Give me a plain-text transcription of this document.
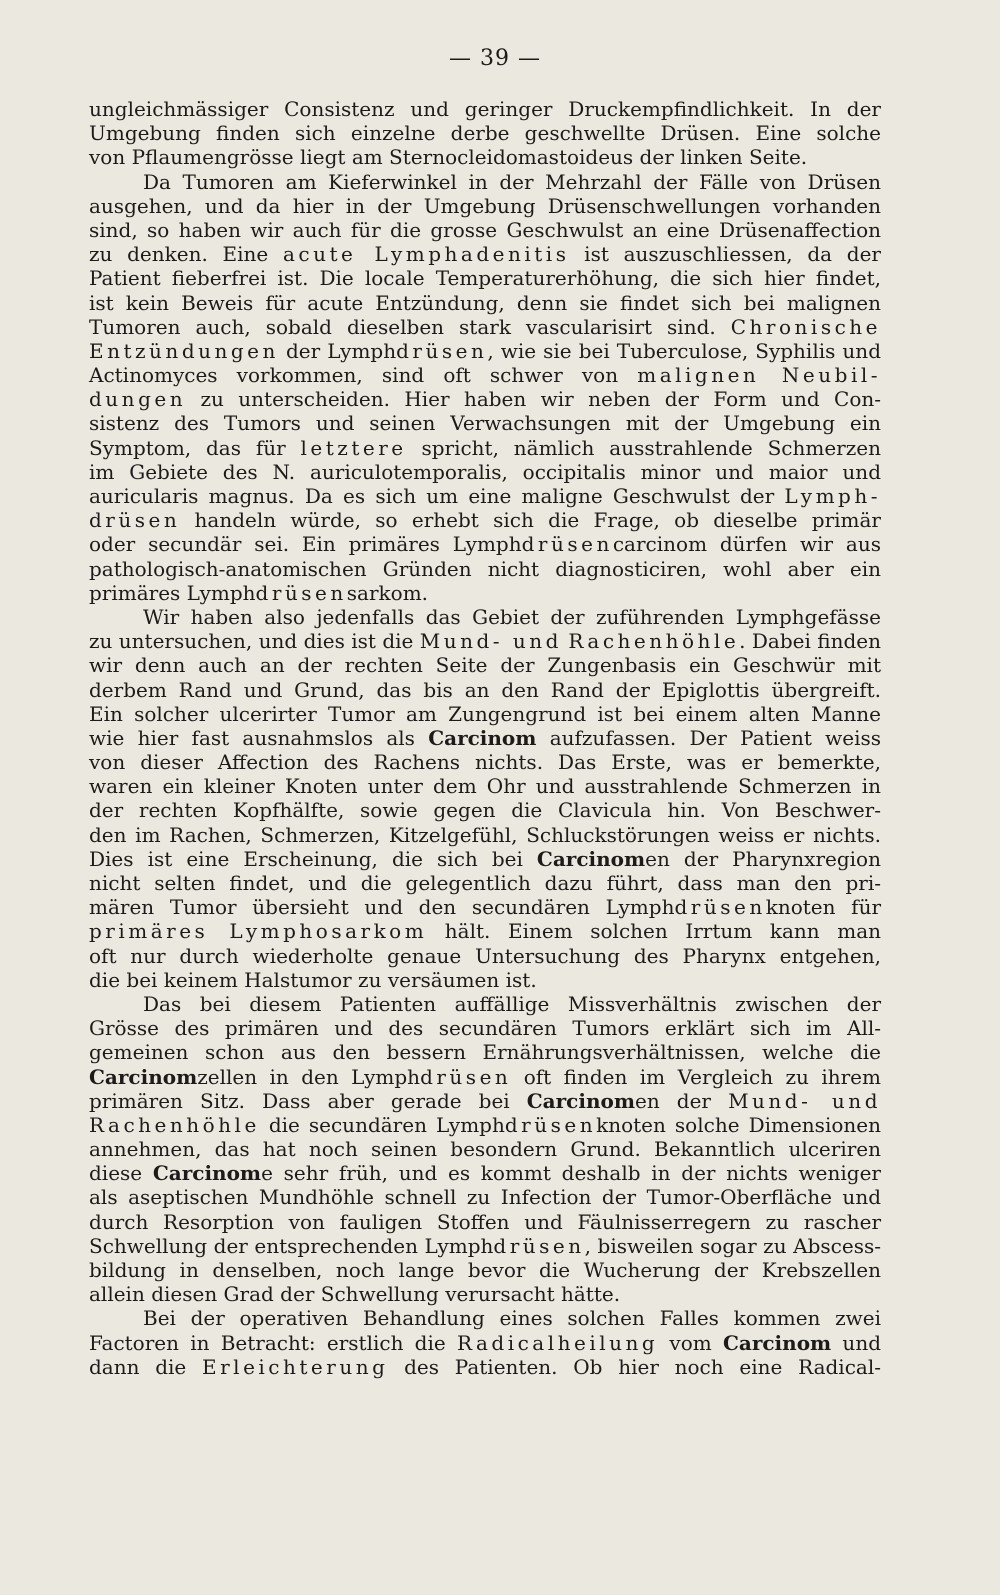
— 39 —
ungleichmässiger Consistenz und geringer Druckempfindlichkeit. In der
Umgebung finden sich einzelne derbe geschwellte Drüsen. Eine solche
von Pflaumengrösse liegt am Sternocleidomastoideus der linken Seite.
Da Tumoren am Kieferwinkel in der Mehrzahl der Fälle von Drüsen
ausgehen, und da hier in der Umgebung Drüsenschwellungen vorhanden
sind, so haben wir auch für die grosse Geschwulst an eine Drüsenaffection
zu denken. Eine acute Lymphadenitis ist auszuschliessen, da der
Patient fieberfrei ist. Die locale Temperaturerhöhung, die sich hier findet,
ist kein Beweis für acute Entzündung, denn sie findet sich bei malignen
Tumoren auch, sobald dieselben stark vascularisirt sind. Chronische
Entzündungen der Lymphdrüsen, wie sie bei Tuberculose, Syphilis und
Actinomyces vorkommen, sind oft schwer von malignen Neubil-
dungen zu unterscheiden. Hier haben wir neben der Form und Con-
sistenz des Tumors und seinen Verwachsungen mit der Umgebung ein
Symptom, das für letztere spricht, nämlich ausstrahlende Schmerzen
im Gebiete des N. auriculotemporalis, occipitalis minor und maior und
auricularis magnus. Da es sich um eine maligne Geschwulst der Lymph-
drüsen handeln würde, so erhebt sich die Frage, ob dieselbe primär
oder secundär sei. Ein primäres Lymphdrüsencarcinom dürfen wir aus
pathologisch-anatomischen Gründen nicht diagnosticiren, wohl aber ein
primäres Lymphdrüsensarkom.
Wir haben also jedenfalls das Gebiet der zuführenden Lymphgefässe
zu untersuchen, und dies ist die Mund- und Rachenhöhle. Dabei finden
wir denn auch an der rechten Seite der Zungenbasis ein Geschwür mit
derbem Rand und Grund, das bis an den Rand der Epiglottis übergreift.
Ein solcher ulcerirter Tumor am Zungengrund ist bei einem alten Manne
wie hier fast ausnahmslos als Carcinom aufzufassen. Der Patient weiss
von dieser Affection des Rachens nichts. Das Erste, was er bemerkte,
waren ein kleiner Knoten unter dem Ohr und ausstrahlende Schmerzen in
der rechten Kopfhälfte, sowie gegen die Clavicula hin. Von Beschwer-
den im Rachen, Schmerzen, Kitzelgefühl, Schluckstörungen weiss er nichts.
Dies ist eine Erscheinung, die sich bei Carcinomen der Pharynxregion
nicht selten findet, und die gelegentlich dazu führt, dass man den pri-
mären Tumor übersieht und den secundären Lymphdrüsenknoten für
primäres Lymphosarkom hält. Einem solchen Irrtum kann man
oft nur durch wiederholte genaue Untersuchung des Pharynx entgehen,
die bei keinem Halstumor zu versäumen ist.
Das bei diesem Patienten auffällige Missverhältnis zwischen der
Grösse des primären und des secundären Tumors erklärt sich im All-
gemeinen schon aus den bessern Ernährungsverhältnissen, welche die
Carcinomzellen in den Lymphdrüsen oft finden im Vergleich zu ihrem
primären Sitz. Dass aber gerade bei Carcinomen der Mund- und
Rachenhöhle die secundären Lymphdrüsenknoten solche Dimensionen
annehmen, das hat noch seinen besondern Grund. Bekanntlich ulceriren
diese Carcinome sehr früh, und es kommt deshalb in der nichts weniger
als aseptischen Mundhöhle schnell zu Infection der Tumor-Oberfläche und
durch Resorption von fauligen Stoffen und Fäulnisserregern zu rascher
Schwellung der entsprechenden Lymphdrüsen, bisweilen sogar zu Abscess-
bildung in denselben, noch lange bevor die Wucherung der Krebszellen
allein diesen Grad der Schwellung verursacht hätte.
Bei der operativen Behandlung eines solchen Falles kommen zwei
Factoren in Betracht: erstlich die Radicalheilung vom Carcinom und
dann die Erleichterung des Patienten. Ob hier noch eine Radical-
